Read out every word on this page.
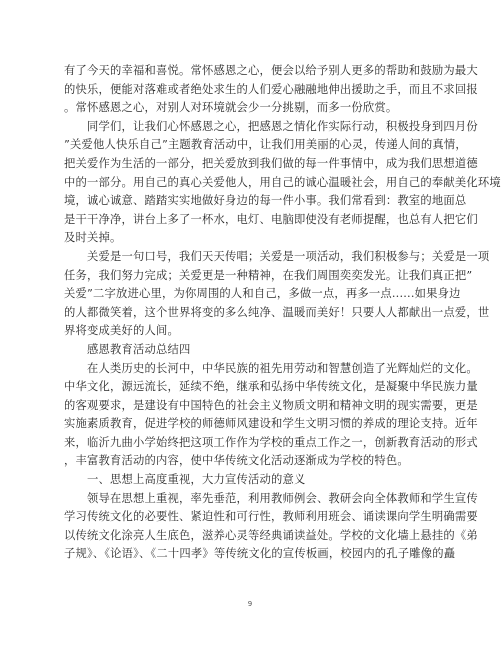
有了今天的幸福和喜悦。常怀感恩之心，便会以给予别人更多的帮助和鼓励为最大
的快乐，便能对落难或者绝处求生的人们爱心融融地伸出援助之手，而且不求回报
。常怀感恩之心，对别人对环境就会少一分挑剔，而多一份欣赏。
同学们，让我们心怀感恩之心，把感恩之情化作实际行动，积极投身到四月份
”关爱他人快乐自己”主题教育活动中，让我们用美丽的心灵，传递人间的真情，
把关爱作为生活的一部分，把关爱放到我们做的每一件事情中，成为我们思想道德
中的一部分。用自己的真心关爱他人，用自己的诚心温暖社会，用自己的奉献美化环境
境，诚心诚意、踏踏实实地做好身边的每一件小事。我们常看到：教室的地面总
是干干净净，讲台上多了一杯水，电灯、电脑即使没有老师提醒，也总有人把它们
及时关掉。
关爱是一句口号，我们天天传唱；关爱是一项活动，我们积极参与；关爱是一项
任务，我们努力完成；关爱更是一种精神，在我们周围奕奕发光。让我们真正把”
关爱”二字放进心里，为你周围的人和自己，多做一点，再多一点......如果身边
的人都微笑着，这个世界将变的多么纯净、温暖而美好！只要人人都献出一点爱，世
界将变成美好的人间。
感恩教育活动总结四
在人类历史的长河中，中华民族的祖先用劳动和智慧创造了光辉灿烂的文化。
中华文化，源远流长，延续不绝，继承和弘扬中华传统文化，是凝聚中华民族力量
的客观要求，是建设有中国特色的社会主义物质文明和精神文明的现实需要，更是
实施素质教育，促进学校的师德师风建设和学生文明习惯的养成的理论支持。近年
来，临沂九曲小学始终把这项工作作为学校的重点工作之一，创新教育活动的形式
，丰富教育活动的内容，使中华传统文化活动逐渐成为学校的特色。
一、思想上高度重视，大力宣传活动的意义
领导在思想上重视，率先垂范，利用教师例会、教研会向全体教师和学生宣传
学习传统文化的必要性、紧迫性和可行性，教师利用班会、诵读课向学生明确需要
以传统文化涂亮人生底色，滋养心灵等经典诵读益处。学校的文化墙上悬挂的《弟
子规》、《论语》、《二十四孝》等传统文化的宣传板画，校园内的孔子雕像的矗
9
